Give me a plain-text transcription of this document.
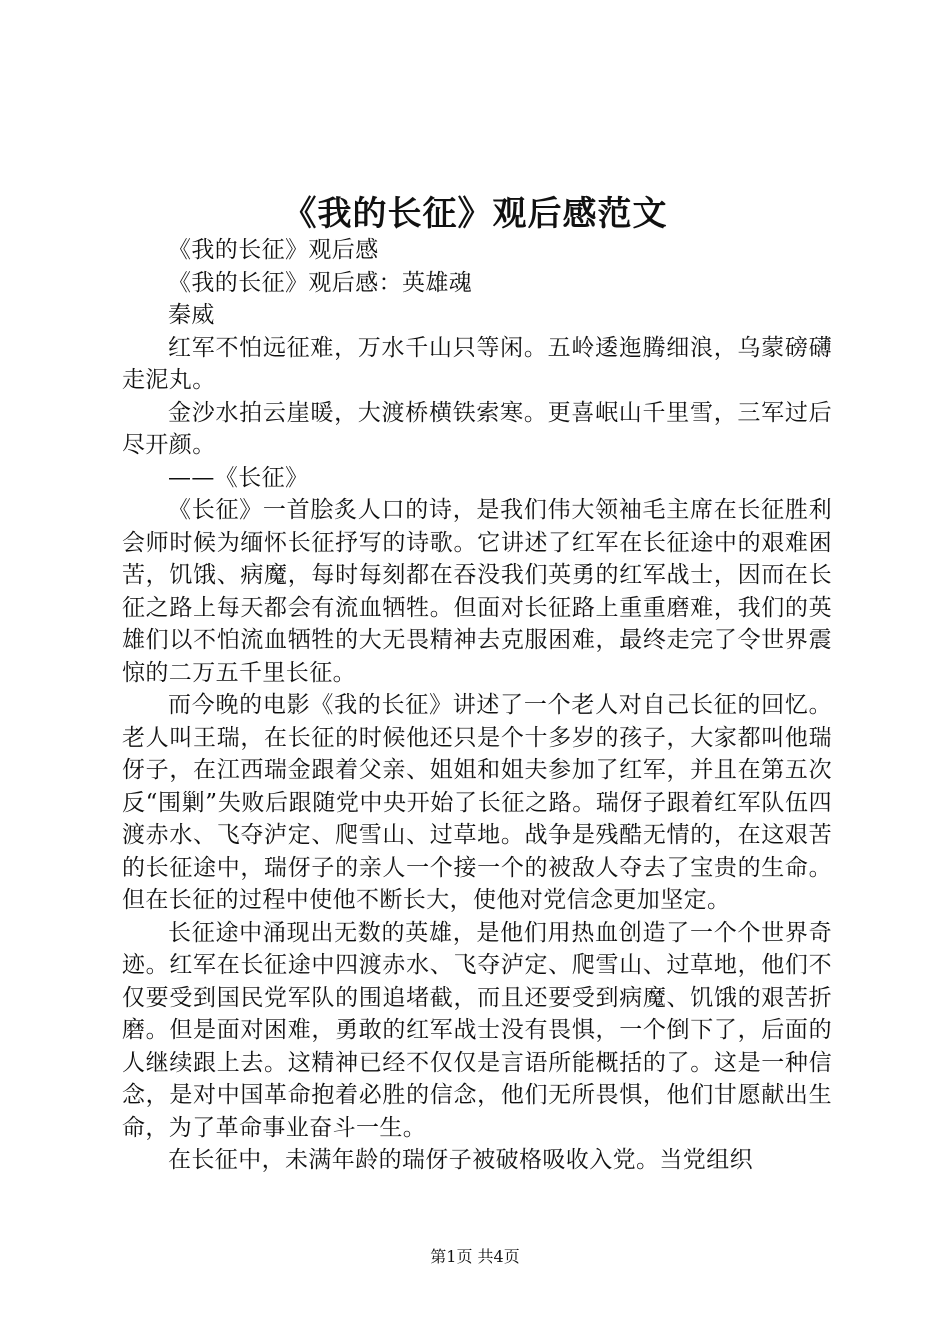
《我的长征》观后感范文

《我的长征》观后感

《我的长征》观后感：英雄魂

秦威

红军不怕远征难，万水千山只等闲。五岭逶迤腾细浪，乌蒙磅礴走泥丸。

金沙水拍云崖暖，大渡桥横铁索寒。更喜岷山千里雪，三军过后尽开颜。

——《长征》

《长征》一首脍炙人口的诗，是我们伟大领袖毛主席在长征胜利会师时候为缅怀长征抒写的诗歌。它讲述了红军在长征途中的艰难困苦，饥饿、病魔，每时每刻都在吞没我们英勇的红军战士，因而在长征之路上每天都会有流血牺牲。但面对长征路上重重磨难，我们的英雄们以不怕流血牺牲的大无畏精神去克服困难，最终走完了令世界震惊的二万五千里长征。

而今晚的电影《我的长征》讲述了一个老人对自己长征的回忆。老人叫王瑞，在长征的时候他还只是个十多岁的孩子，大家都叫他瑞伢子，在江西瑞金跟着父亲、姐姐和姐夫参加了红军，并且在第五次反“围剿”失败后跟随党中央开始了长征之路。瑞伢子跟着红军队伍四渡赤水、飞夺泸定、爬雪山、过草地。战争是残酷无情的，在这艰苦的长征途中，瑞伢子的亲人一个接一个的被敌人夺去了宝贵的生命。但在长征的过程中使他不断长大，使他对党信念更加坚定。

长征途中涌现出无数的英雄，是他们用热血创造了一个个世界奇迹。红军在长征途中四渡赤水、飞夺泸定、爬雪山、过草地，他们不仅要受到国民党军队的围追堵截，而且还要受到病魔、饥饿的艰苦折磨。但是面对困难，勇敢的红军战士没有畏惧，一个倒下了，后面的人继续跟上去。这精神已经不仅仅是言语所能概括的了。这是一种信念，是对中国革命抱着必胜的信念，他们无所畏惧，他们甘愿献出生命，为了革命事业奋斗一生。

在长征中，未满年龄的瑞伢子被破格吸收入党。当党组织

第1页 共4页
